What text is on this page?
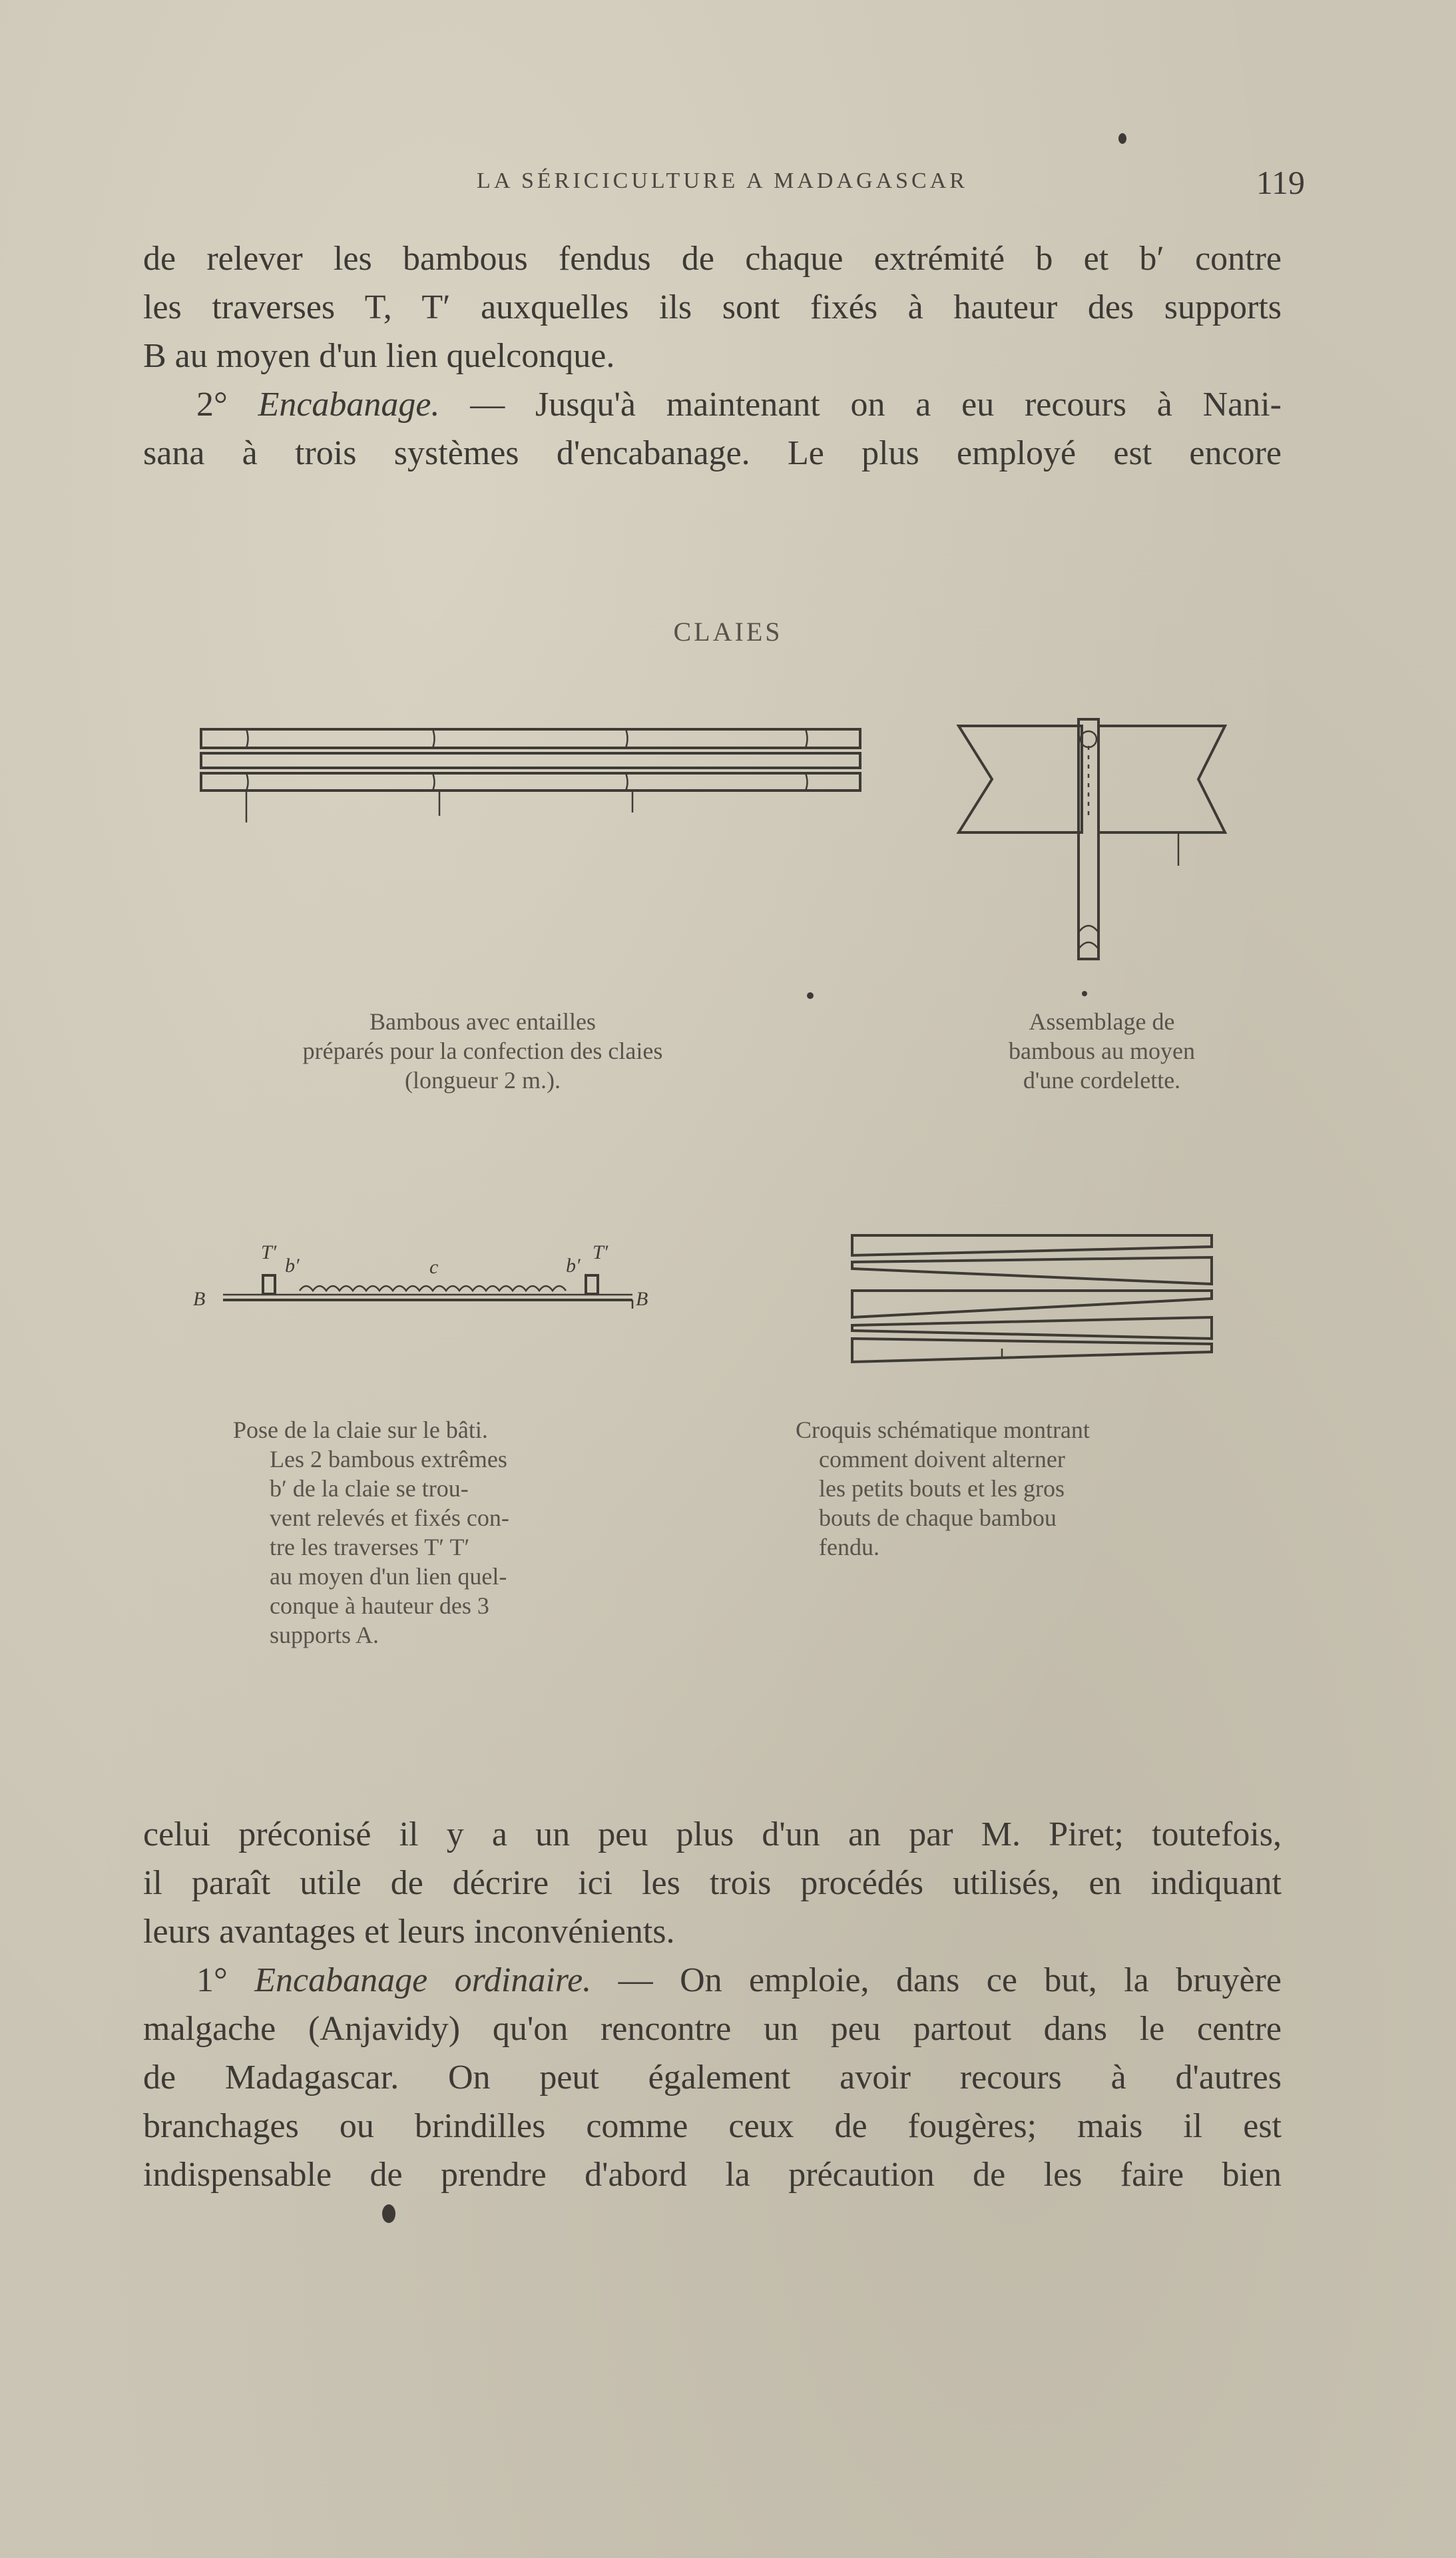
LA SÉRICICULTURE A MADAGASCAR	119
de relever les bambous fendus de chaque extrémité b et b′ contre
les traverses T, T′ auxquelles ils sont fixés à hauteur des supports
B au moyen d'un lien quelconque.
2° Encabanage. — Jusqu'à maintenant on a eu recours à Nani-
sana à trois systèmes d'encabanage. Le plus employé est encore
CLAIES
Bambous avec entailles
préparés pour la confection des claies
(longueur 2 m.).
Assemblage de
bambous au moyen
d'une cordelette.
B	B
T′	T′
b′	b′
c
Pose de la claie sur le bâti.
Les 2 bambous extrêmes
b′ de la claie se trou-
vent relevés et fixés con-
tre les traverses T′ T′
au moyen d'un lien quel-
conque à hauteur des 3
supports A.
Croquis schématique montrant
comment doivent alterner
les petits bouts et les gros
bouts de chaque bambou
fendu.
celui préconisé il y a un peu plus d'un an par M. Piret; toutefois,
il paraît utile de décrire ici les trois procédés utilisés, en indiquant
leurs avantages et leurs inconvénients.
1° Encabanage ordinaire. — On emploie, dans ce but, la bruyère
malgache (Anjavidy) qu'on rencontre un peu partout dans le centre
de Madagascar. On peut également avoir recours à d'autres
branchages ou brindilles comme ceux de fougères; mais il est
indispensable de prendre d'abord la précaution de les faire bien
